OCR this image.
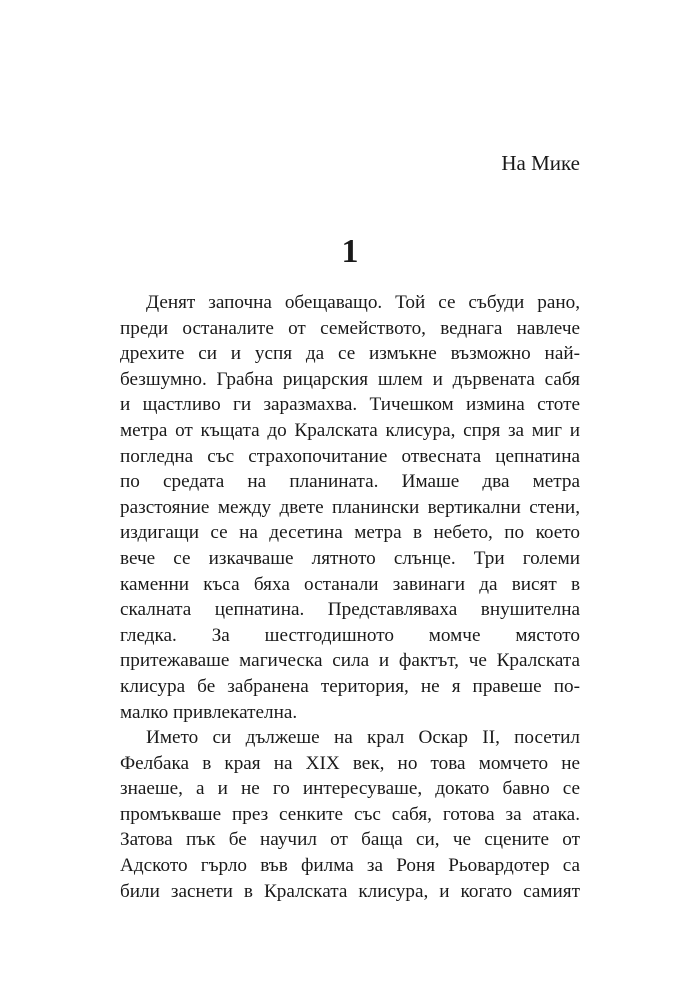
На Мике
1
Денят започна обещаващо. Той се събуди рано,
преди останалите от семейството, веднага навлече
дрехите си и успя да се измъкне възможно най-
безшумно. Грабна рицарския шлем и дървената сабя
и щастливо ги заразмахва. Тичешком измина стоте
метра от къщата до Кралската клисура, спря за миг и
погледна със страхопочитание отвесната цепнатина
по средата на планината. Имаше два метра
разстояние между двете планински вертикални стени,
издигащи се на десетина метра в небето, по което
вече се изкачваше лятното слънце. Три големи
каменни къса бяха останали завинаги да висят в
скалната цепнатина. Представляваха внушителна
гледка. За шестгодишното момче мястото
притежаваше магическа сила и фактът, че Кралската
клисура бе забранена територия, не я правеше по-
малко привлекателна.
Името си дължеше на крал Оскар II, посетил
Фелбака в края на XIX век, но това момчето не
знаеше, а и не го интересуваше, докато бавно се
промъкваше през сенките със сабя, готова за атака.
Затова пък бе научил от баща си, че сцените от
Адското гърло във филма за Роня Рьовардотер са
били заснети в Кралската клисура, и когато самият
